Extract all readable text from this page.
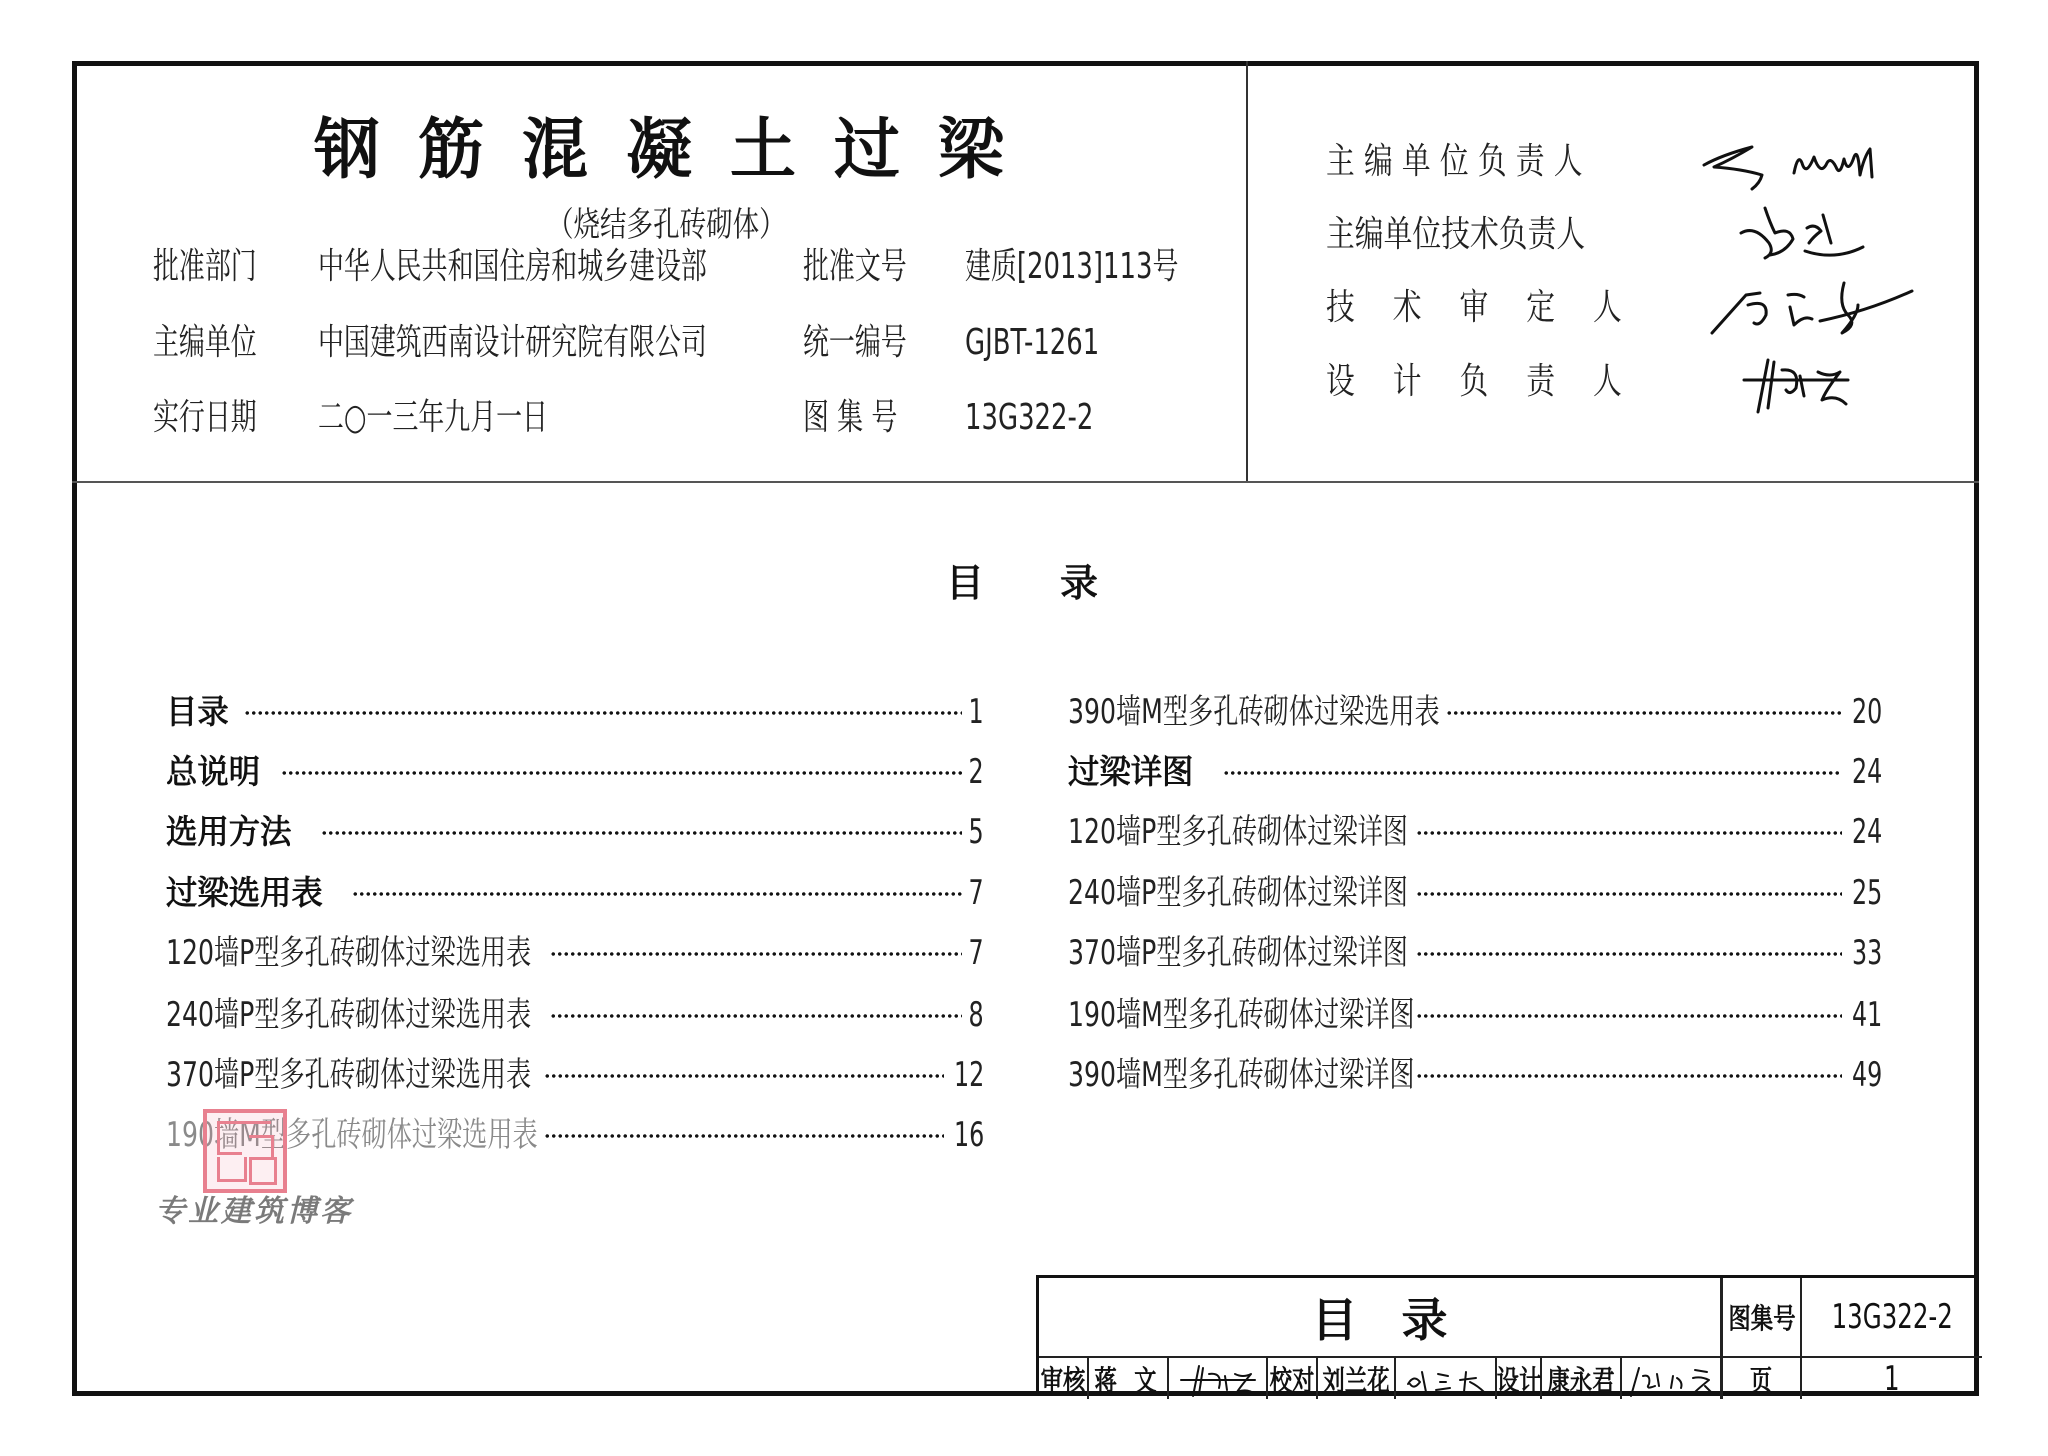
钢筋混凝土过梁
（烧结多孔砖砌体）
批准部门	中华人民共和国住房和城乡建设部	批准文号	建质[2013]113号
主编单位	中国建筑西南设计研究院有限公司	统一编号	GJBT-1261
实行日期	二○一三年九月一日	图 集 号	13G322-2
主 编 单 位 负 责 人
主编单位技术负责人
技　 术　 审　 定　 人
设　 计　 负　 责　 人
目　　录
目录	1
总说明	2
选用方法	5
过梁选用表	7
120墙P型多孔砖砌体过梁选用表	7
240墙P型多孔砖砌体过梁选用表	8
370墙P型多孔砖砌体过梁选用表	12
190墙M型多孔砖砌体过梁选用表	16
390墙M型多孔砖砌体过梁选用表	20
过梁详图	24
120墙P型多孔砖砌体过梁详图	24
240墙P型多孔砖砌体过梁详图	25
370墙P型多孔砖砌体过梁详图	33
190墙M型多孔砖砌体过梁详图	41
390墙M型多孔砖砌体过梁详图	49
专业建筑博客
目录	图集号 13G322-2
审核 蒋 文	校对 刘兰花	设计 康永君	页	1
